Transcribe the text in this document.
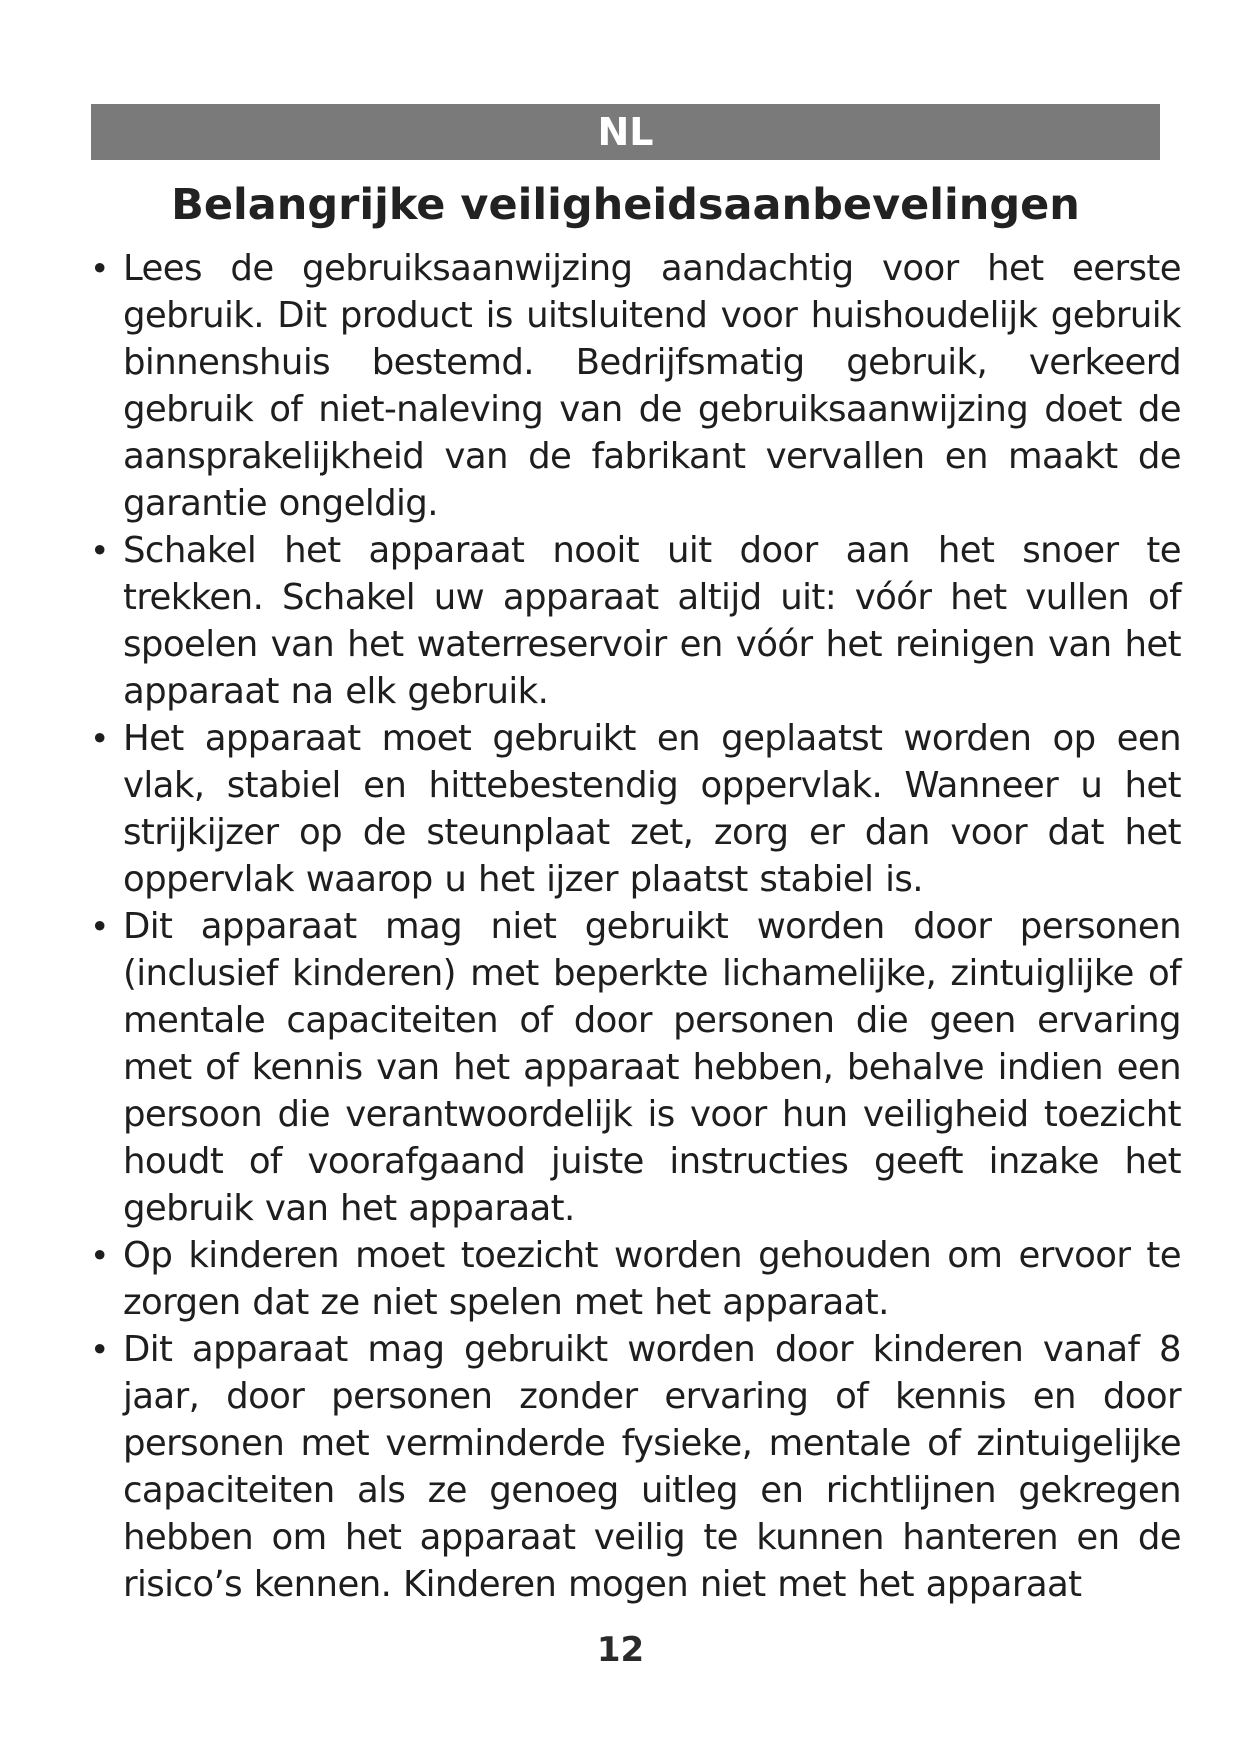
NL
Belangrijke veiligheidsaanbevelingen
• Lees de gebruiksaanwijzing aandachtig voor het eerste gebruik. Dit product is uitsluitend voor huishoudelijk gebruik binnenshuis bestemd. Bedrijfsmatig gebruik, verkeerd gebruik of niet-naleving van de gebruiksaanwijzing doet de aansprakelijkheid van de fabrikant vervallen en maakt de garantie ongeldig.
• Schakel het apparaat nooit uit door aan het snoer te trekken. Schakel uw apparaat altijd uit: vóór het vullen of spoelen van het waterreservoir en vóór het reinigen van het apparaat na elk gebruik.
• Het apparaat moet gebruikt en geplaatst worden op een vlak, stabiel en hittebestendig oppervlak. Wanneer u het strijkijzer op de steunplaat zet, zorg er dan voor dat het oppervlak waarop u het ijzer plaatst stabiel is.
• Dit apparaat mag niet gebruikt worden door personen (inclusief kinderen) met beperkte lichamelijke, zintuiglijke of mentale capaciteiten of door personen die geen ervaring met of kennis van het apparaat hebben, behalve indien een persoon die verantwoordelijk is voor hun veiligheid toezicht houdt of voorafgaand juiste instructies geeft inzake het gebruik van het apparaat.
• Op kinderen moet toezicht worden gehouden om ervoor te zorgen dat ze niet spelen met het apparaat.
• Dit apparaat mag gebruikt worden door kinderen vanaf 8 jaar, door personen zonder ervaring of kennis en door personen met verminderde fysieke, mentale of zintuigelijke capaciteiten als ze genoeg uitleg en richtlijnen gekregen hebben om het apparaat veilig te kunnen hanteren en de risico’s kennen. Kinderen mogen niet met het apparaat
12
